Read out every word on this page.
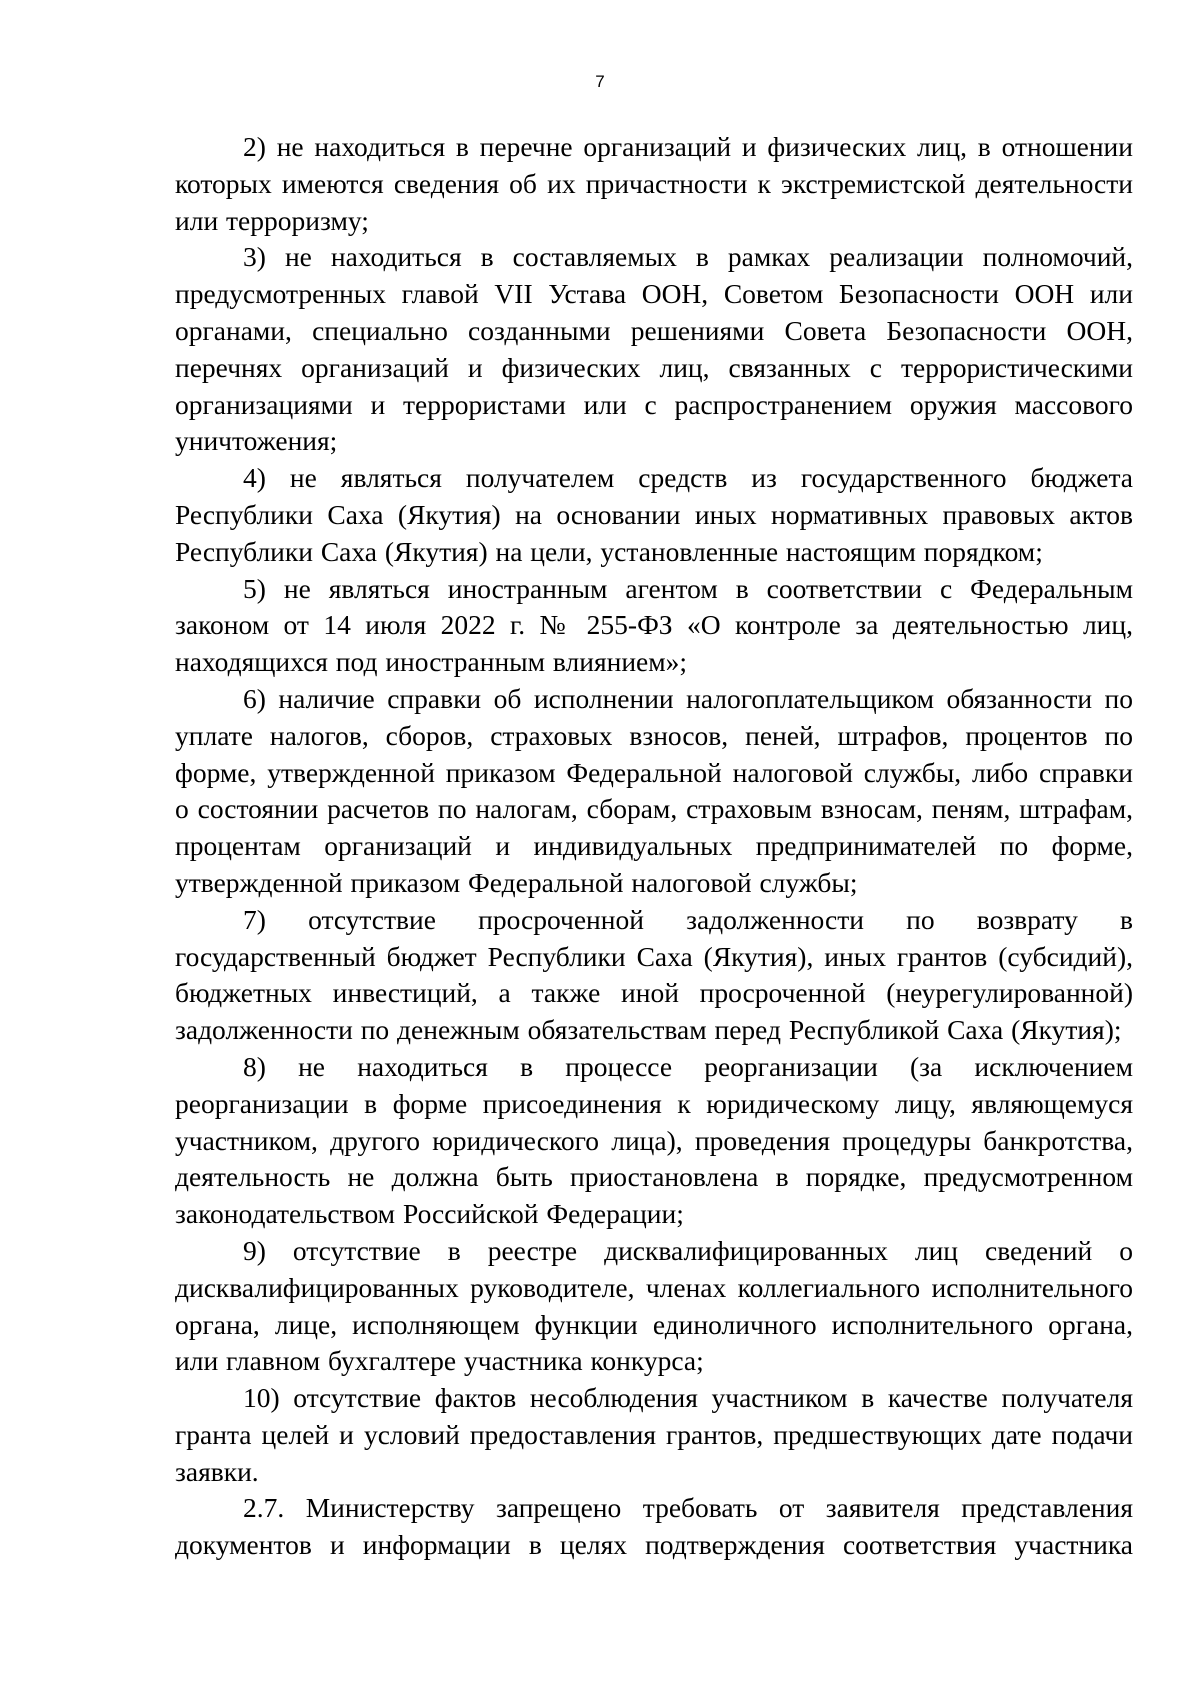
7

2) не находиться в перечне организаций и физических лиц, в отношении которых имеются сведения об их причастности к экстремистской деятельности или терроризму;

3) не находиться в составляемых в рамках реализации полномочий, предусмотренных главой VII Устава ООН, Советом Безопасности ООН или органами, специально созданными решениями Совета Безопасности ООН, перечнях организаций и физических лиц, связанных с террористическими организациями и террористами или с распространением оружия массового уничтожения;

4) не являться получателем средств из государственного бюджета Республики Саха (Якутия) на основании иных нормативных правовых актов Республики Саха (Якутия) на цели, установленные настоящим порядком;

5) не являться иностранным агентом в соответствии с Федеральным законом от 14 июля 2022 г. № 255-ФЗ «О контроле за деятельностью лиц, находящихся под иностранным влиянием»;

6) наличие справки об исполнении налогоплательщиком обязанности по уплате налогов, сборов, страховых взносов, пеней, штрафов, процентов по форме, утвержденной приказом Федеральной налоговой службы, либо справки о состоянии расчетов по налогам, сборам, страховым взносам, пеням, штрафам, процентам организаций и индивидуальных предпринимателей по форме, утвержденной приказом Федеральной налоговой службы;

7) отсутствие просроченной задолженности по возврату в государственный бюджет Республики Саха (Якутия), иных грантов (субсидий), бюджетных инвестиций, а также иной просроченной (неурегулированной) задолженности по денежным обязательствам перед Республикой Саха (Якутия);

8) не находиться в процессе реорганизации (за исключением реорганизации в форме присоединения к юридическому лицу, являющемуся участником, другого юридического лица), проведения процедуры банкротства, деятельность не должна быть приостановлена в порядке, предусмотренном законодательством Российской Федерации;

9) отсутствие в реестре дисквалифицированных лиц сведений о дисквалифицированных руководителе, членах коллегиального исполнительного органа, лице, исполняющем функции единоличного исполнительного органа, или главном бухгалтере участника конкурса;

10) отсутствие фактов несоблюдения участником в качестве получателя гранта целей и условий предоставления грантов, предшествующих дате подачи заявки.

2.7. Министерству запрещено требовать от заявителя представления документов и информации в целях подтверждения соответствия участника
